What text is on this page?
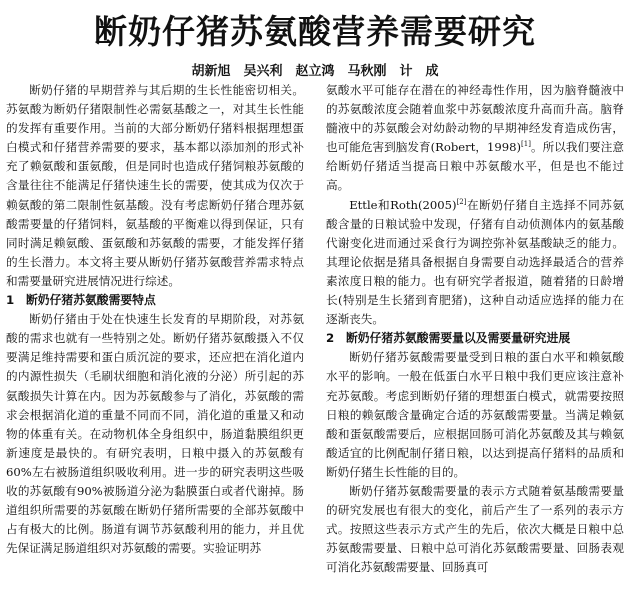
断奶仔猪苏氨酸营养需要研究
胡新旭　吴兴利　赵立鸿　马秋刚　计　成

断奶仔猪的早期营养与其后期的生长性能密切相关。苏氨酸为断奶仔猪限制性必需氨基酸之一，对其生长性能的发挥有重要作用。当前的大部分断奶仔猪料根据理想蛋白模式和仔猪营养需要的要求，基本都以添加剂的形式补充了赖氨酸和蛋氨酸，但是同时也造成仔猪饲粮苏氨酸的含量往往不能满足仔猪快速生长的需要，使其成为仅次于赖氨酸的第二限制性氨基酸。没有考虑断奶仔猪合理苏氨酸需要量的仔猪饲料，氨基酸的平衡难以得到保证，只有同时满足赖氨酸、蛋氨酸和苏氨酸的需要，才能发挥仔猪的生长潜力。本文将主要从断奶仔猪苏氨酸营养需求特点和需要量研究进展情况进行综述。

1 断奶仔猪苏氨酸需要特点

断奶仔猪由于处在快速生长发育的早期阶段，对苏氨酸的需求也就有一些特别之处。断奶仔猪苏氨酸摄入不仅要满足维持需要和蛋白质沉淀的要求，还应把在消化道内的内源性损失（毛刷状细胞和消化液的分泌）所引起的苏氨酸损失计算在内。因为苏氨酸参与了消化，苏氨酸的需求会根据消化道的重量不同而不同，消化道的重量又和动物的体重有关。在动物机体全身组织中，肠道黏膜组织更新速度是最快的。有研究表明，日粮中摄入的苏氨酸有60%左右被肠道组织吸收利用。进一步的研究表明这些吸收的苏氨酸有90%被肠道分泌为黏膜蛋白或者代谢掉。肠道组织所需要的苏氨酸在断奶仔猪所需要的全部苏氨酸中占有极大的比例。肠道有调节苏氨酸利用的能力，并且优先保证满足肠道组织对苏氨酸的需要。实验证明苏

氨酸水平可能存在潜在的神经毒性作用，因为脑脊髓液中的苏氨酸浓度会随着血浆中苏氨酸浓度升高而升高。脑脊髓液中的苏氨酸会对幼龄动物的早期神经发育造成伤害，也可能危害到脑发育(Robert，1998)[1]。所以我们要注意给断奶仔猪适当提高日粮中苏氨酸水平，但是也不能过高。

Ettle和Roth(2005)[2]在断奶仔猪自主选择不同苏氨酸含量的日粮试验中发现，仔猪有自动侦测体内的氨基酸代谢变化进而通过采食行为调控弥补氨基酸缺乏的能力。其理论依据是猪具备根据自身需要自动选择最适合的营养素浓度日粮的能力。也有研究学者报道，随着猪的日龄增长(特别是生长猪到育肥猪)，这种自动适应选择的能力在逐渐丧失。

2 断奶仔猪苏氨酸需要量以及需要量研究进展

断奶仔猪苏氨酸需要量受到日粮的蛋白水平和赖氨酸水平的影响。一般在低蛋白水平日粮中我们更应该注意补充苏氨酸。考虑到断奶仔猪的理想蛋白模式，就需要按照日粮的赖氨酸含量确定合适的苏氨酸需要量。当满足赖氨酸和蛋氨酸需要后，应根据回肠可消化苏氨酸及其与赖氨酸适宜的比例配制仔猪日粮，以达到提高仔猪料的品质和断奶仔猪生长性能的目的。

断奶仔猪苏氨酸需要量的表示方式随着氨基酸需要量的研究发展也有很大的变化，前后产生了一系列的表示方式。按照这些表示方式产生的先后，依次大概是日粮中总苏氨酸需要量、日粮中总可消化苏氨酸需要量、回肠表观可消化苏氨酸需要量、回肠真可
